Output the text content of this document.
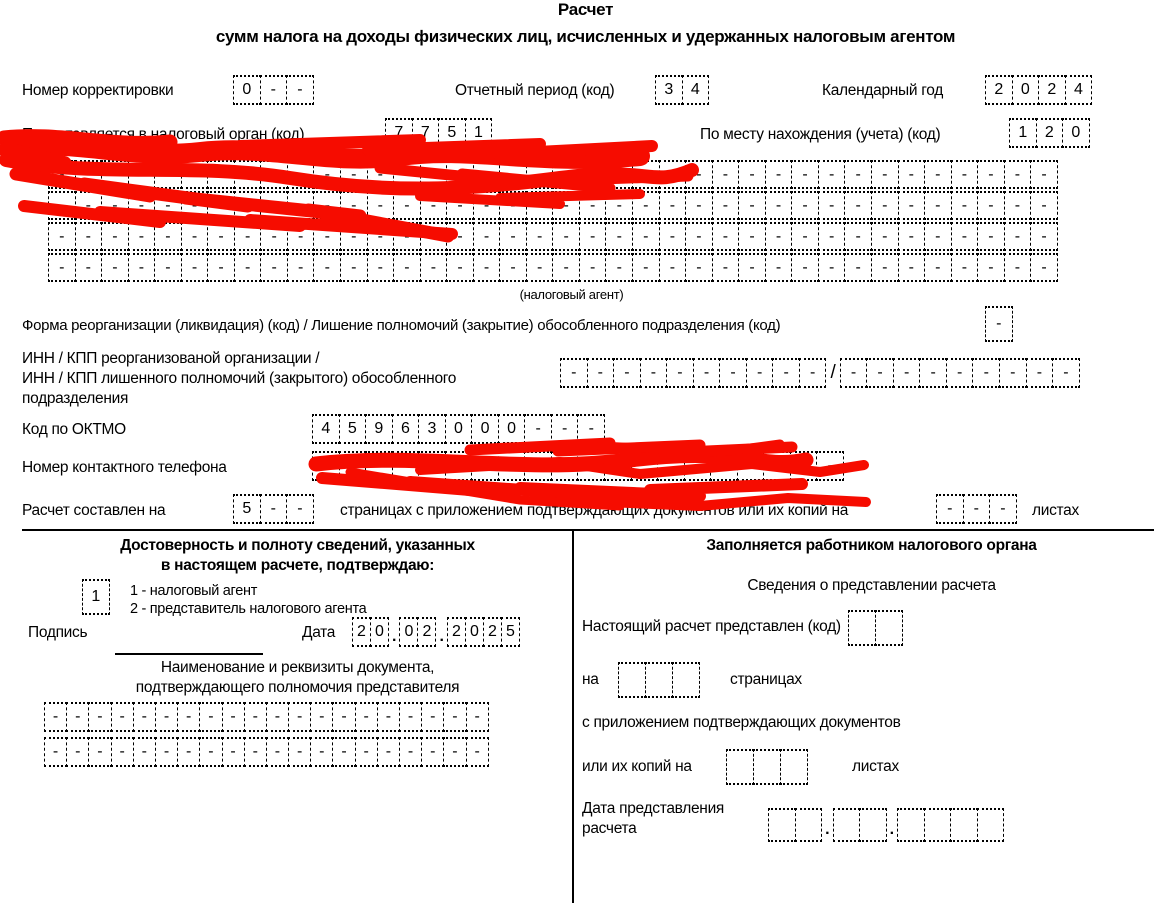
Расчет
сумм налога на доходы физических лиц, исчисленных и удержанных налоговым агентом
Номер корректировки	0	-	-	Отчетный период (код)	3	4	Календарный год	2	0	2	4
Представляется в налоговый орган (код)	7	7	5	1	По месту нахождения (учета) (код)	1	2	0
-	-	-	-	-	-	-	-	-	-	-	-	-	-	-	-	-	-	-	-	-	-	-	-	-	-	-	-	-	-	-	-	-	-	-	-	-	-
-	-	-	-	-	-	-	-	-	-	-	-	-	-	-	-	-	-	-	-	-	-	-	-	-	-	-	-	-	-	-	-	-	-	-	-	-	-
-	-	-	-	-	-	-	-	-	-	-	-	-	-	-	-	-	-	-	-	-	-	-	-	-	-	-	-	-	-	-	-	-	-	-	-	-	-
-	-	-	-	-	-	-	-	-	-	-	-	-	-	-	-	-	-	-	-	-	-	-	-	-	-	-	-	-	-	-	-	-	-	-	-	-	-
(налоговый агент)
Форма реорганизации (ликвидация) (код) / Лишение полномочий (закрытие) обособленного подразделения (код)	-
ИНН / КПП реорганизованой организации /
ИНН / КПП лишенного полномочий (закрытого) обособленного
подразделения
-	-	-	-	-	-	-	-	-	- / -	-	-	-	-	-	-	-	-
Код по ОКТМО	4	5	9	6	3	0	0	0	-	-	-
Номер контактного телефона	-	-
Расчет составлен на	5	-	-	страницах с приложением подтверждающих документов или их копий на	-	-	-	листах
Достоверность и полноту сведений, указанных
в настоящем расчете, подтверждаю:
1	1 - налоговый агент
2 - представитель налогового агента
Подпись	Дата	2 0 . 0 2 . 2 0 2 5
Наименование и реквизиты документа,
подтверждающего полномочия представителя
-	-	-	-	-	-	-	-	-	-	-	-	-	-	-	-	-	-	-	-
-	-	-	-	-	-	-	-	-	-	-	-	-	-	-	-	-	-	-	-
Заполняется работником налогового органа
Сведения о представлении расчета
Настоящий расчет представлен (код)
на	страницах
с приложением подтверждающих документов
или их копий на	листах
Дата представления
расчета	.	.
